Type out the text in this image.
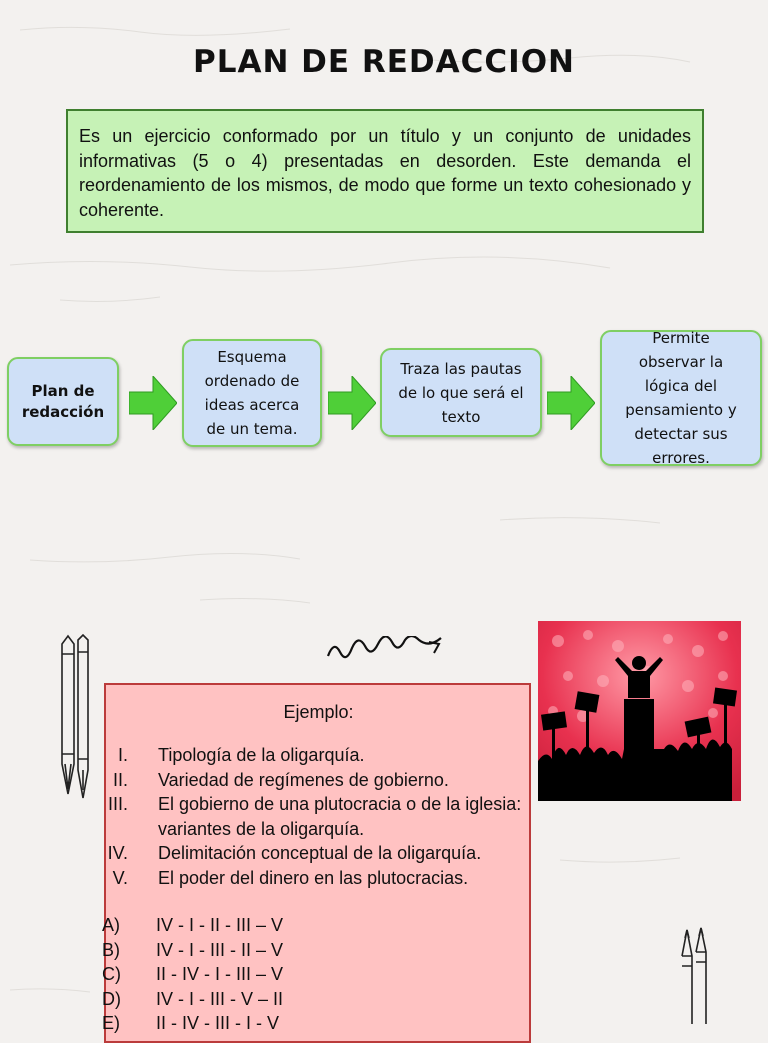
PLAN DE REDACCION
Es un ejercicio conformado por un título y un conjunto de unidades informativas (5 o 4) presentadas en desorden. Este demanda el reordenamiento de los mismos, de modo que forme un texto cohesionado y coherente.
Plan de redacción
Esquema ordenado de ideas acerca de un tema.
Traza las pautas de lo que será el texto
Permite observar la lógica del pensamiento y detectar sus errores.
Ejemplo:
I. Tipología de la oligarquía.
II. Variedad de regímenes de gobierno.
III. El gobierno de una plutocracia o de la iglesia: variantes de la oligarquía.
IV. Delimitación conceptual de la oligarquía.
V. El poder del dinero en las plutocracias.
A)	IV - I - II - III – V
B)	IV - I - III - II – V
C)	II - IV - I - III – V
D)	IV - I - III - V – II
E)	II - IV - III - I - V
